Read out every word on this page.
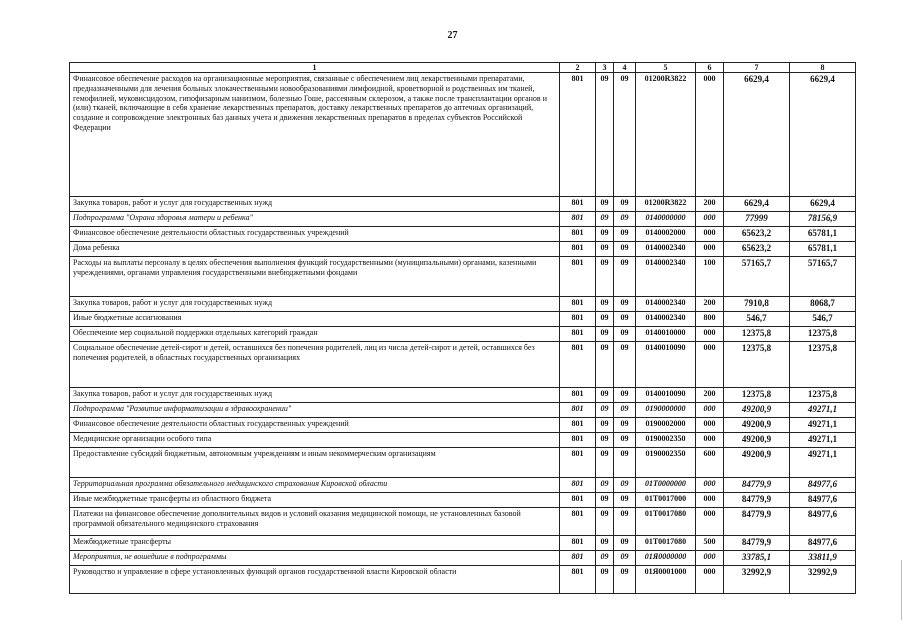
27
1	2	3	4	5	6	7	8
Финансовое обеспечение расходов на организационные мероприятия, связанные с обеспечением лиц лекарственными препаратами, предназначенными для лечения больных злокачественными новообразованиями лимфоидной, кроветворной и родственных им тканей, гемофилией, муковисцидозом, гипофизарным нанизмом, болезнью Гоше, рассеянным склерозом, а также после трансплантации органов и (или) тканей, включающие в себя хранение лекарственных препаратов, доставку лекарственных препаратов до аптечных организаций, создание и сопровождение электронных баз данных учета и движения лекарственных препаратов в пределах субъектов Российской Федерации	801	09	09	01200R3822	000	6629,4	6629,4
Закупка товаров, работ и услуг для государственных нужд	801	09	09	01200R3822	200	6629,4	6629,4
Подпрограмма "Охрана здоровья матери и ребенка"	801	09	09	0140000000	000	77999	78156,9
Финансовое обеспечение деятельности областных государственных учреждений	801	09	09	0140002000	000	65623,2	65781,1
Дома ребенка	801	09	09	0140002340	000	65623,2	65781,1
Расходы на выплаты персоналу в целях обеспечения выполнения функций государственными (муниципальными) органами, казенными учреждениями, органами управления государственными внебюджетными фондами	801	09	09	0140002340	100	57165,7	57165,7
Закупка товаров, работ и услуг для государственных нужд	801	09	09	0140002340	200	7910,8	8068,7
Иные бюджетные ассигнования	801	09	09	0140002340	800	546,7	546,7
Обеспечение мер социальной поддержки отдельных категорий граждан	801	09	09	0140010000	000	12375,8	12375,8
Социальное обеспечение детей-сирот и детей, оставшихся без попечения родителей, лиц из числа детей-сирот и детей, оставшихся без попечения родителей, в областных государственных организациях	801	09	09	0140010090	000	12375,8	12375,8
Закупка товаров, работ и услуг для государственных нужд	801	09	09	0140010090	200	12375,8	12375,8
Подпрограмма "Развитие информатизации в здравоохранении"	801	09	09	0190000000	000	49200,9	49271,1
Финансовое обеспечение деятельности областных государственных учреждений	801	09	09	0190002000	000	49200,9	49271,1
Медицинские организации особого типа	801	09	09	0190002350	000	49200,9	49271,1
Предоставление субсидий бюджетным, автономным учреждениям и иным некоммерческим организациям	801	09	09	0190002350	600	49200,9	49271,1
Территориальная программа обязательного медицинского страхования Кировской области	801	09	09	01Т0000000	000	84779,9	84977,6
Иные межбюджетные трансферты из областного бюджета	801	09	09	01Т0017000	000	84779,9	84977,6
Платежи на финансовое обеспечение дополнительных видов и условий оказания медицинской помощи, не установленных базовой программой обязательного медицинского страхования	801	09	09	01Т0017080	000	84779,9	84977,6
Межбюджетные трансферты	801	09	09	01Т0017080	500	84779,9	84977,6
Мероприятия, не вошедшие в подпрограммы	801	09	09	01Я0000000	000	33785,1	33811,9
Руководство и управление в сфере установленных функций органов государственной власти Кировской области	801	09	09	01Я0001000	000	32992,9	32992,9
